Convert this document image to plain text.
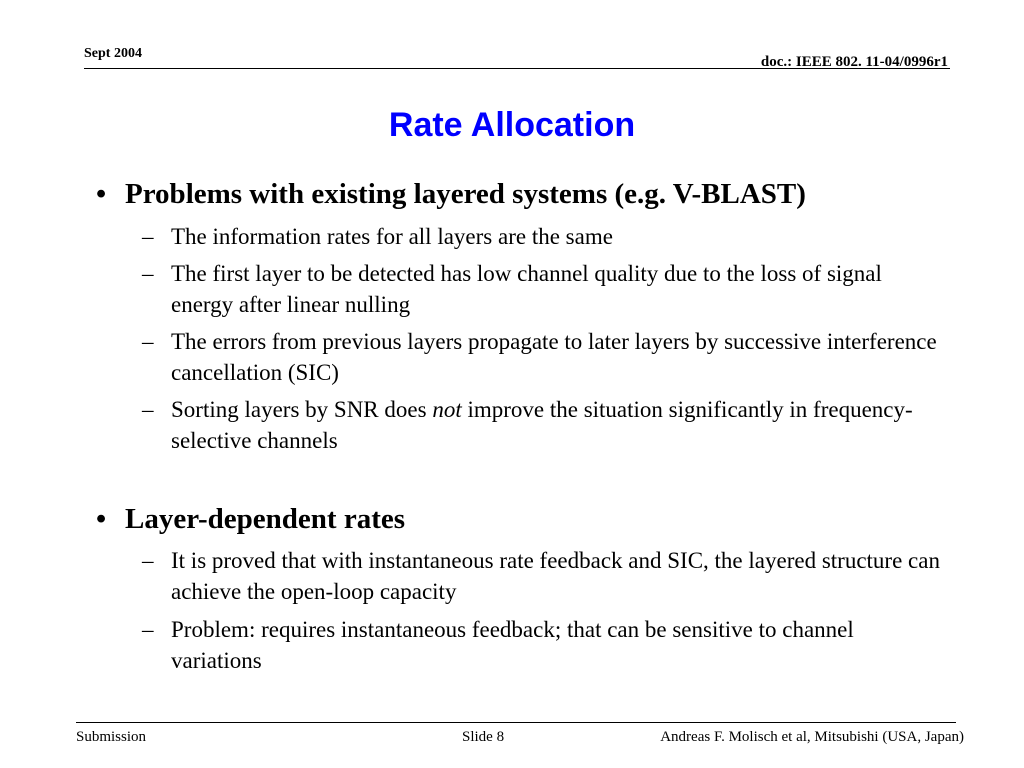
Sept 2004
doc.: IEEE 802. 11-04/0996r1
Rate Allocation
• Problems with existing layered systems (e.g. V-BLAST)
– The information rates for all layers are the same
– The first layer to be detected has low channel quality due to the loss of signal energy after linear nulling
– The errors from previous layers propagate to later layers by successive interference cancellation (SIC)
– Sorting layers by SNR does not improve the situation significantly in frequency-selective channels
• Layer-dependent rates
– It is proved that with instantaneous rate feedback and SIC, the layered structure can achieve the open-loop capacity
– Problem: requires instantaneous feedback; that can be sensitive to channel variations
Submission	Slide 8	Andreas F. Molisch et al, Mitsubishi (USA, Japan)
